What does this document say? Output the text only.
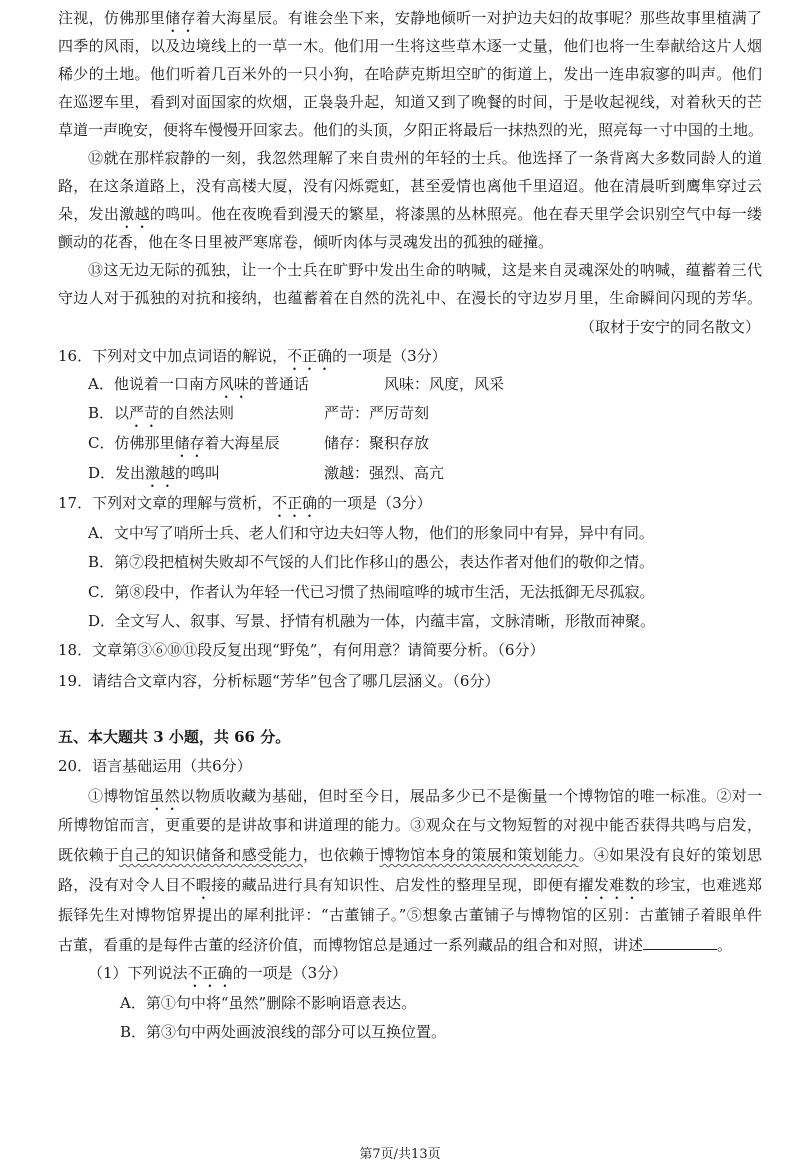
注视，仿佛那里储存着大海星辰。有谁会坐下来，安静地倾听一对护边夫妇的故事呢？那些故事里植满了
四季的风雨，以及边境线上的一草一木。他们用一生将这些草木逐一丈量，他们也将一生奉献给这片人烟
稀少的土地。他们听着几百米外的一只小狗，在哈萨克斯坦空旷的街道上，发出一连串寂寥的叫声。他们
在巡逻车里，看到对面国家的炊烟，正袅袅升起，知道又到了晚餐的时间，于是收起视线，对着秋天的芒
草道一声晚安，便将车慢慢开回家去。他们的头顶，夕阳正将最后一抹热烈的光，照亮每一寸中国的土地。
⑫就在那样寂静的一刻，我忽然理解了来自贵州的年轻的士兵。他选择了一条背离大多数同龄人的道
路，在这条道路上，没有高楼大厦，没有闪烁霓虹，甚至爱情也离他千里迢迢。他在清晨听到鹰隼穿过云
朵，发出激越的鸣叫。他在夜晚看到漫天的繁星，将漆黑的丛林照亮。他在春天里学会识别空气中每一缕
颤动的花香，他在冬日里被严寒席卷，倾听肉体与灵魂发出的孤独的碰撞。
⑬这无边无际的孤独，让一个士兵在旷野中发出生命的呐喊，这是来自灵魂深处的呐喊，蕴蓄着三代
守边人对于孤独的对抗和接纳，也蕴蓄着在自然的洗礼中、在漫长的守边岁月里，生命瞬间闪现的芳华。
（取材于安宁的同名散文）
16．下列对文中加点词语的解说，不正确的一项是（3分）
A．他说着一口南方风味的普通话	风味：风度，风采
B．以严苛的自然法则	严苛：严厉苛刻
C．仿佛那里储存着大海星辰	储存：聚积存放
D．发出激越的鸣叫	激越：强烈、高亢
17．下列对文章的理解与赏析，不正确的一项是（3分）
A．文中写了哨所士兵、老人们和守边夫妇等人物，他们的形象同中有异，异中有同。
B．第⑦段把植树失败却不气馁的人们比作移山的愚公，表达作者对他们的敬仰之情。
C．第⑧段中，作者认为年轻一代已习惯了热闹喧哗的城市生活，无法抵御无尽孤寂。
D．全文写人、叙事、写景、抒情有机融为一体，内蕴丰富，文脉清晰，形散而神聚。
18．文章第③⑥⑩⑪段反复出现“野兔”，有何用意？请简要分析。（6分）
19．请结合文章内容，分析标题“芳华”包含了哪几层涵义。（6分）
五、本大题共 3 小题，共 66 分。
20．语言基础运用（共6分）
①博物馆虽然以物质收藏为基础，但时至今日，展品多少已不是衡量一个博物馆的唯一标准。②对一
所博物馆而言，更重要的是讲故事和讲道理的能力。③观众在与文物短暂的对视中能否获得共鸣与启发，
既依赖于自己的知识储备和感受能力，也依赖于博物馆本身的策展和策划能力。④如果没有良好的策划思
路，没有对令人目不暇接的藏品进行具有知识性、启发性的整理呈现，即便有擢发难数的珍宝，也难逃郑
振铎先生对博物馆界提出的犀利批评：“古董铺子。”⑤想象古董铺子与博物馆的区别：古董铺子着眼单件
古董，看重的是每件古董的经济价值，而博物馆总是通过一系列藏品的组合和对照，讲述	。
（1）下列说法不正确的一项是（3分）
A．第①句中将“虽然”删除不影响语意表达。
B．第③句中两处画波浪线的部分可以互换位置。
第7页/共13页
